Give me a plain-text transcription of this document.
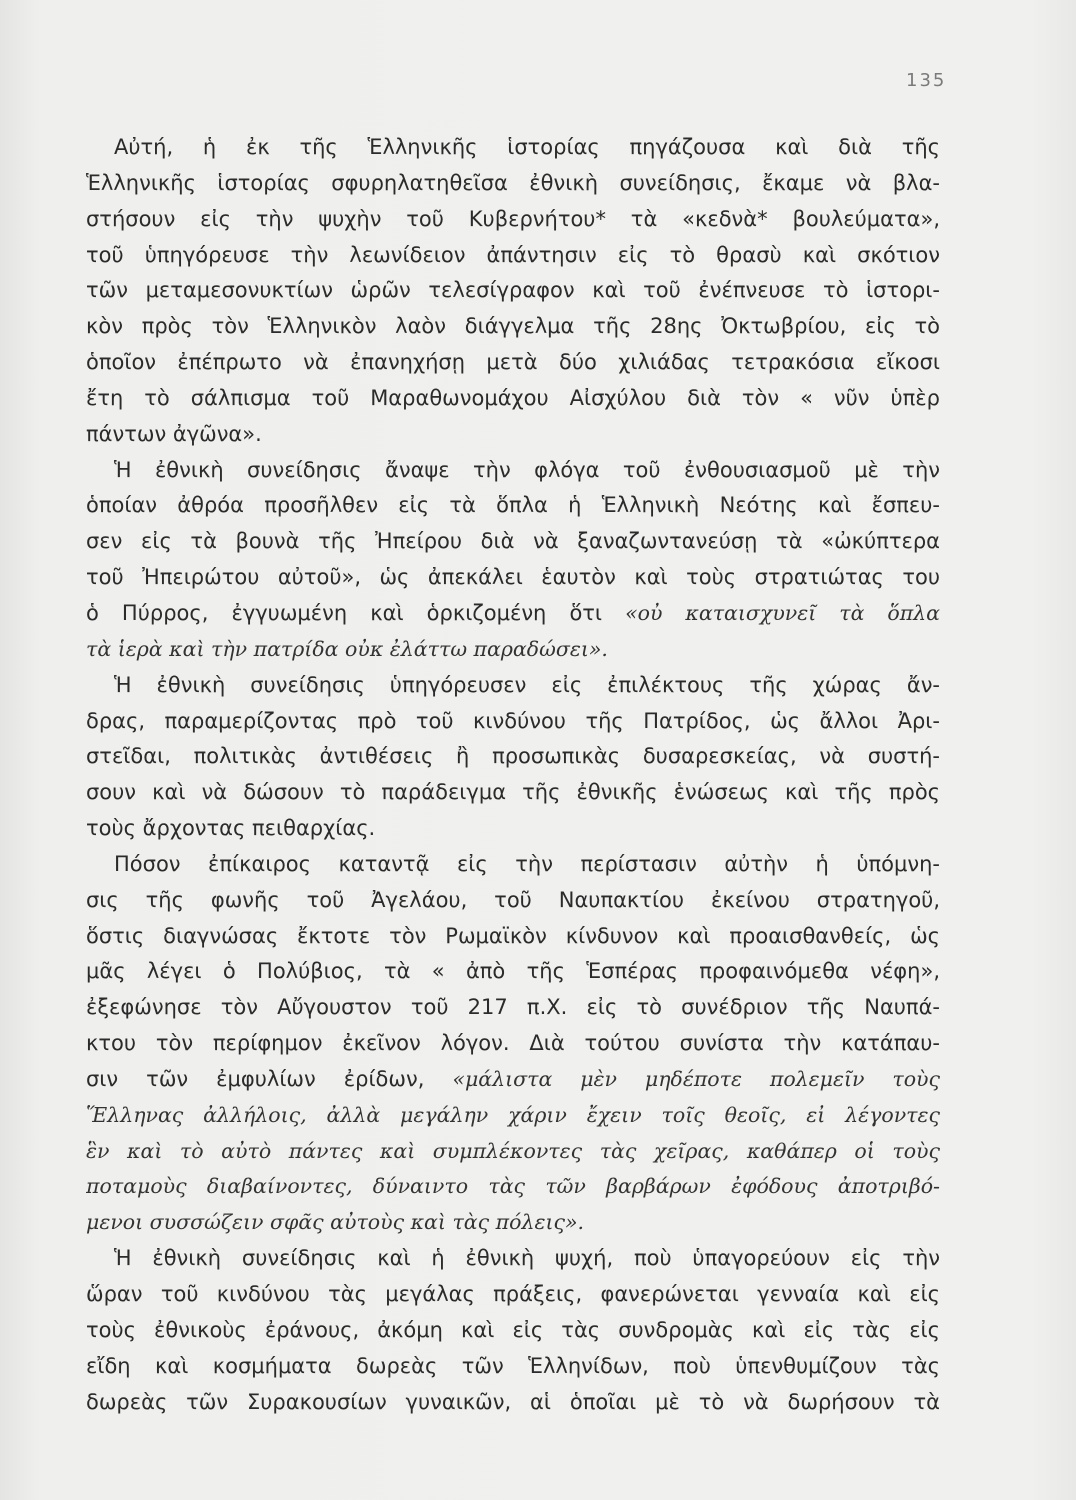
135
Αὐτή, ἡ ἐκ τῆς Ἑλληνικῆς ἱστορίας πηγάζουσα καὶ διὰ τῆς
Ἑλληνικῆς ἱστορίας σφυρηλατηθεῖσα ἐθνικὴ συνείδησις, ἔκαμε νὰ βλα-
στήσουν εἰς τὴν ψυχὴν τοῦ Κυβερνήτου* τὰ «κεδνὰ* βουλεύματα»,
τοῦ ὑπηγόρευσε τὴν λεωνίδειον ἀπάντησιν εἰς τὸ θρασὺ καὶ σκότιον
τῶν μεταμεσονυκτίων ὡρῶν τελεσίγραφον καὶ τοῦ ἐνέπνευσε τὸ ἱστορι-
κὸν πρὸς τὸν Ἑλληνικὸν λαὸν διάγγελμα τῆς 28ης Ὀκτωβρίου, εἰς τὸ
ὁποῖον ἐπέπρωτο νὰ ἐπανηχήσῃ μετὰ δύο χιλιάδας τετρακόσια εἴκοσι
ἔτη τὸ σάλπισμα τοῦ Μαραθωνομάχου Αἰσχύλου διὰ τὸν « νῦν ὑπὲρ
πάντων ἀγῶνα».
Ἡ ἐθνικὴ συνείδησις ἄναψε τὴν φλόγα τοῦ ἐνθουσιασμοῦ μὲ τὴν
ὁποίαν ἀθρόα προσῆλθεν εἰς τὰ ὅπλα ἡ Ἑλληνικὴ Νεότης καὶ ἔσπευ-
σεν εἰς τὰ βουνὰ τῆς Ἠπείρου διὰ νὰ ξαναζωντανεύσῃ τὰ «ὠκύπτερα
τοῦ Ἠπειρώτου αὐτοῦ», ὡς ἀπεκάλει ἑαυτὸν καὶ τοὺς στρατιώτας του
ὁ Πύρρος, ἐγγυωμένη καὶ ὁρκιζομένη ὅτι «οὐ καταισχυνεῖ τὰ ὅπλα
τὰ ἱερὰ καὶ τὴν πατρίδα οὐκ ἐλάττω παραδώσει».
Ἡ ἐθνικὴ συνείδησις ὑπηγόρευσεν εἰς ἐπιλέκτους τῆς χώρας ἄν-
δρας, παραμερίζοντας πρὸ τοῦ κινδύνου τῆς Πατρίδος, ὡς ἄλλοι Ἀρι-
στεῖδαι, πολιτικὰς ἀντιθέσεις ἢ προσωπικὰς δυσαρεσκείας, νὰ συστή-
σουν καὶ νὰ δώσουν τὸ παράδειγμα τῆς ἐθνικῆς ἑνώσεως καὶ τῆς πρὸς
τοὺς ἄρχοντας πειθαρχίας.
Πόσον ἐπίκαιρος καταντᾷ εἰς τὴν περίστασιν αὐτὴν ἡ ὑπόμνη-
σις τῆς φωνῆς τοῦ Ἀγελάου, τοῦ Ναυπακτίου ἐκείνου στρατηγοῦ,
ὅστις διαγνώσας ἔκτοτε τὸν Ρωμαϊκὸν κίνδυνον καὶ προαισθανθείς, ὡς
μᾶς λέγει ὁ Πολύβιος, τὰ « ἀπὸ τῆς Ἑσπέρας προφαινόμεθα νέφη»,
ἐξεφώνησε τὸν Αὔγουστον τοῦ 217 π.Χ. εἰς τὸ συνέδριον τῆς Ναυπά-
κτου τὸν περίφημον ἐκεῖνον λόγον. Διὰ τούτου συνίστα τὴν κατάπαυ-
σιν τῶν ἐμφυλίων ἐρίδων, «μάλιστα μὲν μηδέποτε πολεμεῖν τοὺς
Ἕλληνας ἀλλήλοις, ἀλλὰ μεγάλην χάριν ἔχειν τοῖς θεοῖς, εἰ λέγοντες
ἓν καὶ τὸ αὐτὸ πάντες καὶ συμπλέκοντες τὰς χεῖρας, καθάπερ οἱ τοὺς
ποταμοὺς διαβαίνοντες, δύναιντο τὰς τῶν βαρβάρων ἐφόδους ἀποτριβό-
μενοι συσσώζειν σφᾶς αὐτοὺς καὶ τὰς πόλεις».
Ἡ ἐθνικὴ συνείδησις καὶ ἡ ἐθνικὴ ψυχή, ποὺ ὑπαγορεύουν εἰς τὴν
ὥραν τοῦ κινδύνου τὰς μεγάλας πράξεις, φανερώνεται γενναία καὶ εἰς
τοὺς ἐθνικοὺς ἐράνους, ἀκόμη καὶ εἰς τὰς συνδρομὰς καὶ εἰς τὰς εἰς
εἴδη καὶ κοσμήματα δωρεὰς τῶν Ἑλληνίδων, ποὺ ὑπενθυμίζουν τὰς
δωρεὰς τῶν Συρακουσίων γυναικῶν, αἱ ὁποῖαι μὲ τὸ νὰ δωρήσουν τὰ
